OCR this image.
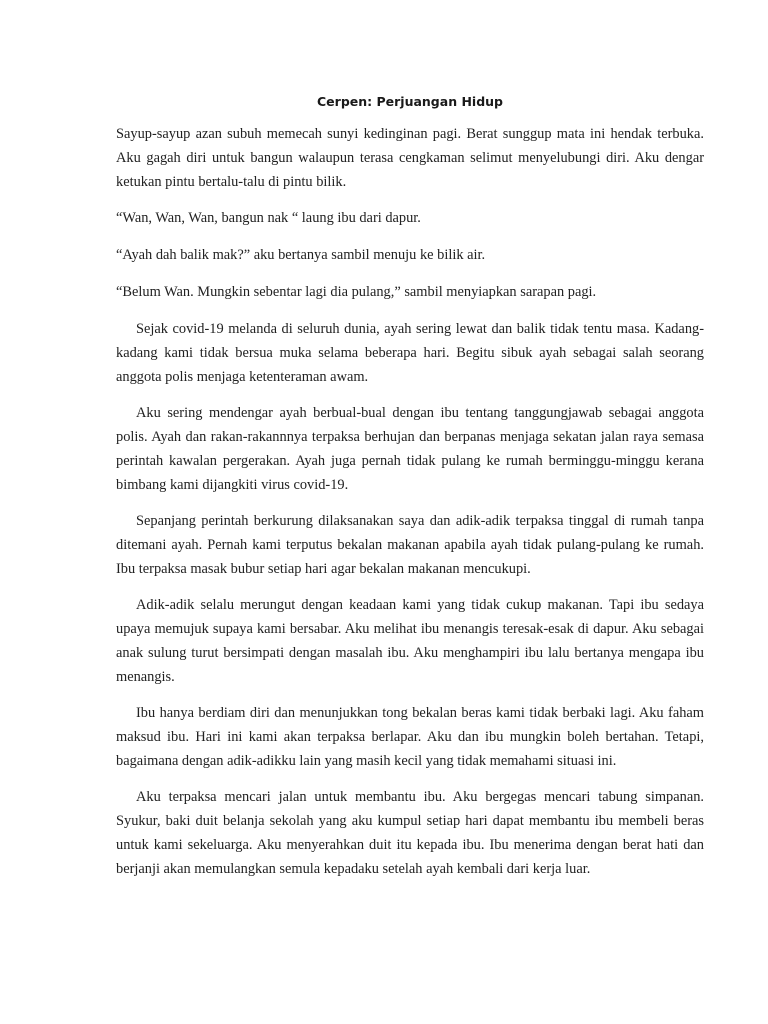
Cerpen: Perjuangan Hidup

Sayup-sayup azan subuh memecah sunyi kedinginan pagi. Berat sunggup mata ini hendak terbuka. Aku gagah diri untuk bangun walaupun terasa cengkaman selimut menyelubungi diri. Aku dengar ketukan pintu bertalu-talu di pintu bilik.

“Wan, Wan, Wan, bangun nak “ laung ibu dari dapur.

“Ayah dah balik mak?” aku bertanya sambil menuju ke bilik air.

“Belum Wan. Mungkin sebentar lagi dia pulang,” sambil menyiapkan sarapan pagi.

Sejak covid-19 melanda di seluruh dunia, ayah sering lewat dan balik tidak tentu masa. Kadang-kadang kami tidak bersua muka selama beberapa hari. Begitu sibuk ayah sebagai salah seorang anggota polis menjaga ketenteraman awam.

Aku sering mendengar ayah berbual-bual dengan ibu tentang tanggungjawab sebagai anggota polis. Ayah dan rakan-rakannnya terpaksa berhujan dan berpanas menjaga sekatan jalan raya semasa perintah kawalan pergerakan. Ayah juga pernah tidak pulang ke rumah berminggu-minggu kerana bimbang kami dijangkiti virus covid-19.

Sepanjang perintah berkurung dilaksanakan saya dan adik-adik terpaksa tinggal di rumah tanpa ditemani ayah. Pernah kami terputus bekalan makanan apabila ayah tidak pulang-pulang ke rumah. Ibu terpaksa masak bubur setiap hari agar bekalan makanan mencukupi.

Adik-adik selalu merungut dengan keadaan kami yang tidak cukup makanan. Tapi ibu sedaya upaya memujuk supaya kami bersabar. Aku melihat ibu menangis teresak-esak di dapur. Aku sebagai anak sulung turut bersimpati dengan masalah ibu. Aku menghampiri ibu lalu bertanya mengapa ibu menangis.

Ibu hanya berdiam diri dan menunjukkan tong bekalan beras kami tidak berbaki lagi. Aku faham maksud ibu. Hari ini kami akan terpaksa berlapar. Aku dan ibu mungkin boleh bertahan. Tetapi, bagaimana dengan adik-adikku lain yang masih kecil yang tidak memahami situasi ini.

Aku terpaksa mencari jalan untuk membantu ibu. Aku bergegas mencari tabung simpanan. Syukur, baki duit belanja sekolah yang aku kumpul setiap hari dapat membantu ibu membeli beras untuk kami sekeluarga. Aku menyerahkan duit itu kepada ibu. Ibu menerima dengan berat hati dan berjanji akan memulangkan semula kepadaku setelah ayah kembali dari kerja luar.
